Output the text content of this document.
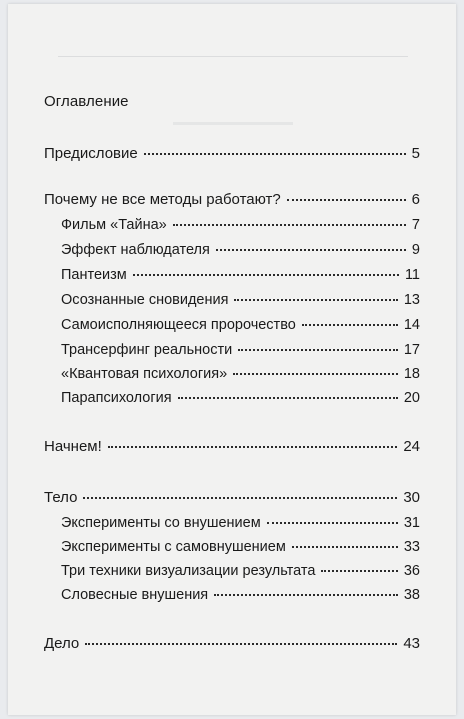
Оглавление
Предисловие	5
Почему не все методы работают?	6
Фильм «Тайна»	7
Эффект наблюдателя	9
Пантеизм	11
Осознанные сновидения	13
Самоисполняющееся пророчество	14
Трансерфинг реальности	17
«Квантовая психология»	18
Парапсихология	20
Начнем!	24
Тело	30
Эксперименты со внушением	31
Эксперименты с самовнушением	33
Три техники визуализации результата	36
Словесные внушения	38
Дело	43
